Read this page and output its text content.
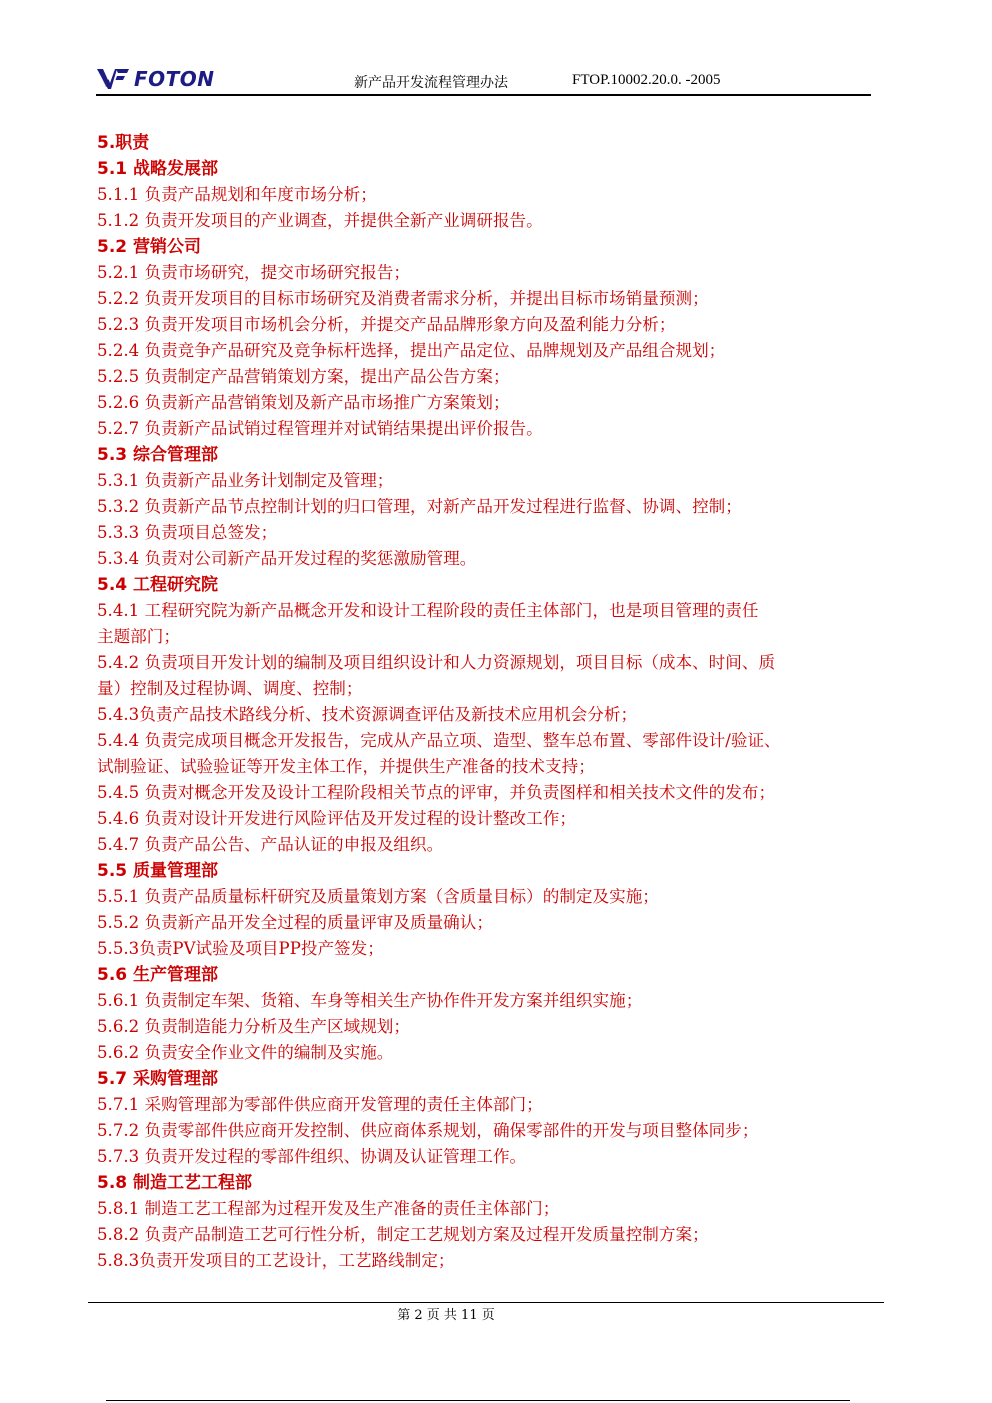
FOTON	新产品开发流程管理办法	FTOP.10002.20.0. -2005
5.职责
5.1 战略发展部
5.1.1 负责产品规划和年度市场分析；
5.1.2 负责开发项目的产业调查，并提供全新产业调研报告。
5.2 营销公司
5.2.1 负责市场研究，提交市场研究报告；
5.2.2 负责开发项目的目标市场研究及消费者需求分析，并提出目标市场销量预测；
5.2.3 负责开发项目市场机会分析，并提交产品品牌形象方向及盈利能力分析；
5.2.4 负责竞争产品研究及竞争标杆选择，提出产品定位、品牌规划及产品组合规划；
5.2.5 负责制定产品营销策划方案，提出产品公告方案；
5.2.6 负责新产品营销策划及新产品市场推广方案策划；
5.2.7 负责新产品试销过程管理并对试销结果提出评价报告。
5.3 综合管理部
5.3.1 负责新产品业务计划制定及管理；
5.3.2 负责新产品节点控制计划的归口管理，对新产品开发过程进行监督、协调、控制；
5.3.3 负责项目总签发；
5.3.4 负责对公司新产品开发过程的奖惩激励管理。
5.4 工程研究院
5.4.1 工程研究院为新产品概念开发和设计工程阶段的责任主体部门，也是项目管理的责任
主题部门；
5.4.2 负责项目开发计划的编制及项目组织设计和人力资源规划，项目目标（成本、时间、质
量）控制及过程协调、调度、控制；
5.4.3负责产品技术路线分析、技术资源调查评估及新技术应用机会分析；
5.4.4 负责完成项目概念开发报告，完成从产品立项、造型、整车总布置、零部件设计/验证、
试制验证、试验验证等开发主体工作，并提供生产准备的技术支持；
5.4.5 负责对概念开发及设计工程阶段相关节点的评审，并负责图样和相关技术文件的发布；
5.4.6 负责对设计开发进行风险评估及开发过程的设计整改工作；
5.4.7 负责产品公告、产品认证的申报及组织。
5.5 质量管理部
5.5.1 负责产品质量标杆研究及质量策划方案（含质量目标）的制定及实施；
5.5.2 负责新产品开发全过程的质量评审及质量确认；
5.5.3负责PV试验及项目PP投产签发；
5.6 生产管理部
5.6.1 负责制定车架、货箱、车身等相关生产协作件开发方案并组织实施；
5.6.2 负责制造能力分析及生产区域规划；
5.6.2 负责安全作业文件的编制及实施。
5.7 采购管理部
5.7.1 采购管理部为零部件供应商开发管理的责任主体部门；
5.7.2 负责零部件供应商开发控制、供应商体系规划，确保零部件的开发与项目整体同步；
5.7.3 负责开发过程的零部件组织、协调及认证管理工作。
5.8 制造工艺工程部
5.8.1 制造工艺工程部为过程开发及生产准备的责任主体部门；
5.8.2 负责产品制造工艺可行性分析，制定工艺规划方案及过程开发质量控制方案；
5.8.3负责开发项目的工艺设计，工艺路线制定；
第 2 页 共 11 页
